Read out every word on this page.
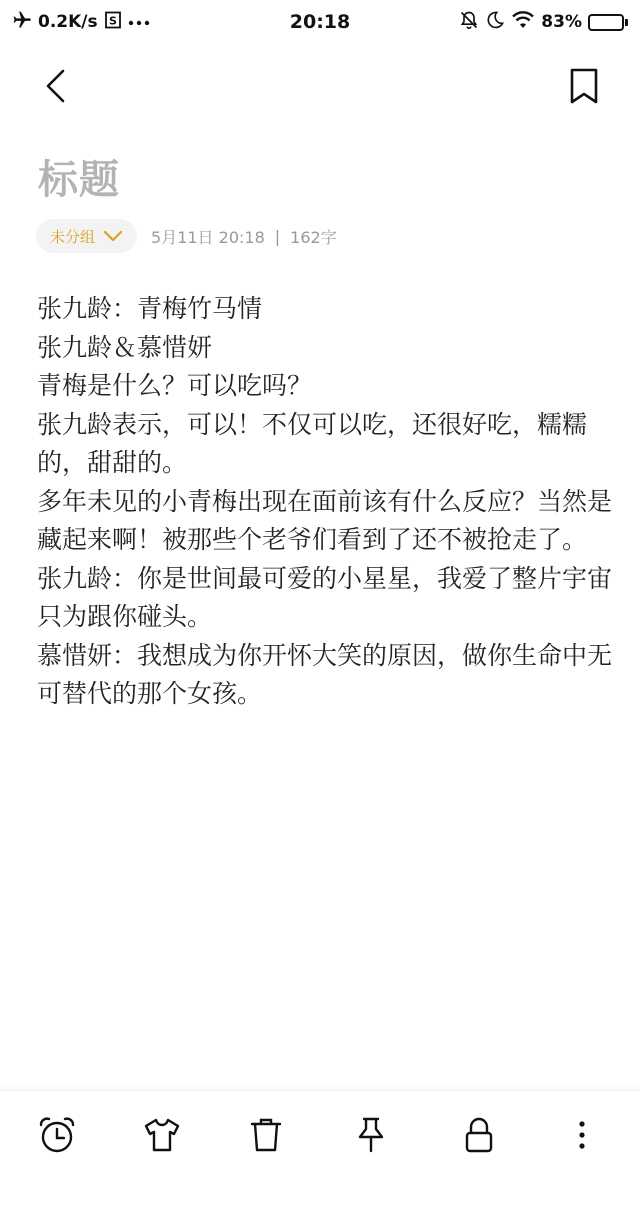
0.2K/s S	20:18	83%
标题
未分组	5月11日 20:18 | 162字

张九龄：青梅竹马情

张九龄＆慕惜妍

青梅是什么？可以吃吗？

张九龄表示，可以！不仅可以吃，还很好吃，糯糯的，甜甜的。

多年未见的小青梅出现在面前该有什么反应？当然是藏起来啊！被那些个老爷们看到了还不被抢走了。

张九龄：你是世间最可爱的小星星，我爱了整片宇宙只为跟你碰头。

慕惜妍：我想成为你开怀大笑的原因，做你生命中无可替代的那个女孩。
